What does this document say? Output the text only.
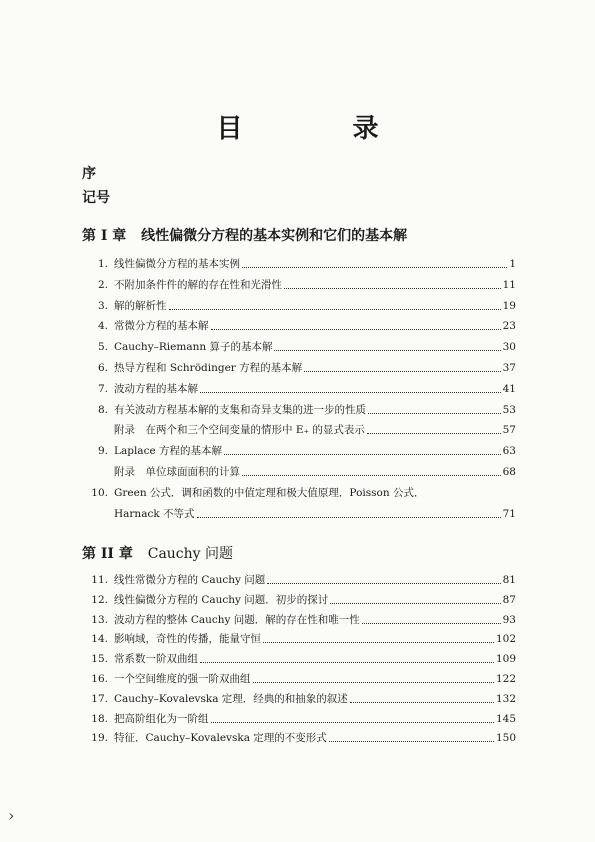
目　录
序
记号
第 I 章 线性偏微分方程的基本实例和它们的基本解
1. 线性偏微分方程的基本实例	1
2. 不附加条件件的解的存在性和光滑性	11
3. 解的解析性	19
4. 常微分方程的基本解	23
5. Cauchy–Riemann 算子的基本解	30
6. 热导方程和 Schrödinger 方程的基本解	37
7. 波动方程的基本解	41
8. 有关波动方程基本解的支集和奇异支集的进一步的性质	53
附录　在两个和三个空间变量的情形中 E₊ 的显式表示	57
9. Laplace 方程的基本解	63
附录　单位球面面积的计算	68
10. Green 公式．调和函数的中值定理和极大值原理．Poisson 公式．
Harnack 不等式	71
第 II 章 Cauchy 问题
11. 线性常微分方程的 Cauchy 问题	81
12. 线性偏微分方程的 Cauchy 问题．初步的探讨	87
13. 波动方程的整体 Cauchy 问题．解的存在性和唯一性	93
14. 影响域，奇性的传播，能量守恒	102
15. 常系数一阶双曲组	109
16. 一个空间维度的强一阶双曲组	122
17. Cauchy–Kovalevska 定理．经典的和抽象的叙述	132
18. 把高阶组化为一阶组	145
19. 特征．Cauchy–Kovalevska 定理的不变形式	150
›
